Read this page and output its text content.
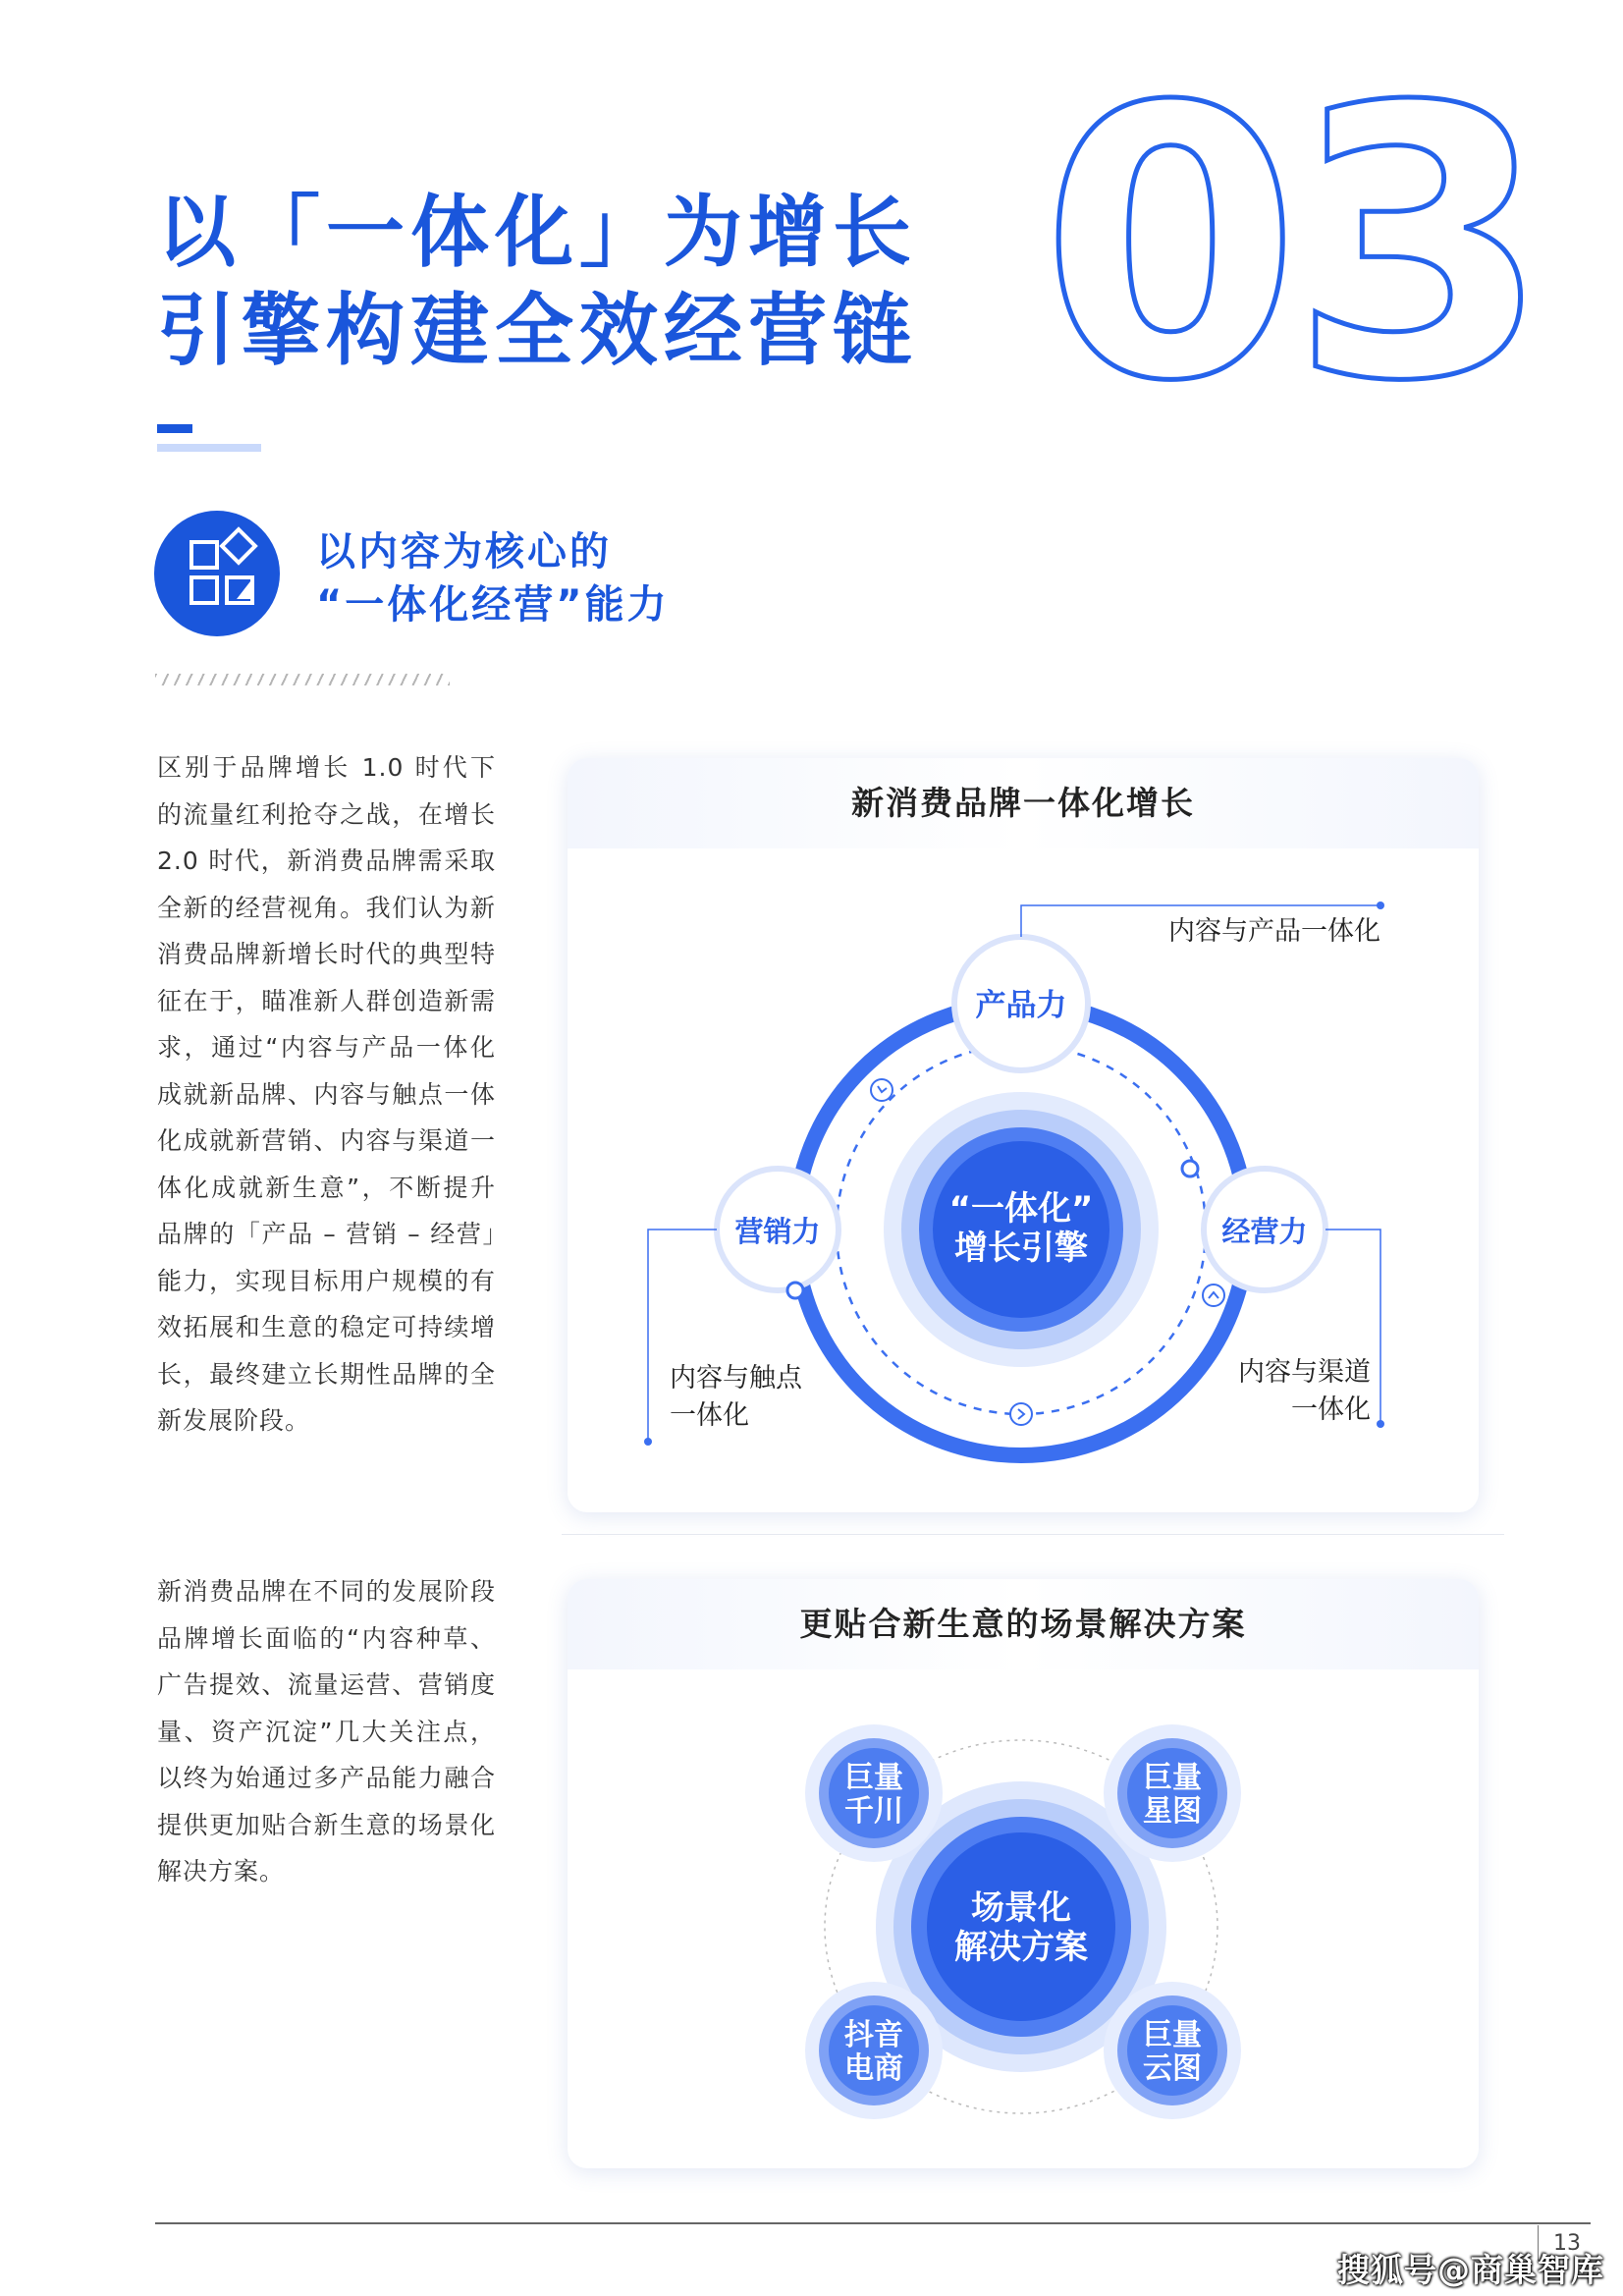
以「一体化」为增长
引擎构建全效经营链 03
以内容为核心的
“一体化经营”能力
区别于品牌增长 1.0 时代下的流量红利抢夺之战，在增长 2.0 时代，新消费品牌需采取全新的经营视角。我们认为新消费品牌新增长时代的典型特征在于，瞄准新人群创造新需求，通过“内容与产品一体化成就新品牌、内容与触点一体化成就新营销、内容与渠道一体化成就新生意”，不断提升品牌的「产品 – 营销 – 经营」能力，实现目标用户规模的有效拓展和生意的稳定可持续增长，最终建立长期性品牌的全新发展阶段。
新消费品牌在不同的发展阶段品牌增长面临的“内容种草、广告提效、流量运营、营销度量、资产沉淀”几大关注点，以终为始通过多产品能力融合提供更加贴合新生意的场景化解决方案。
新消费品牌一体化增长
“一体化”
增长引擎
产品力
营销力	经营力
内容与产品一体化
内容与触点
一体化
内容与渠道
一体化
更贴合新生意的场景解决方案
场景化
解决方案
巨量
千川
巨量
星图
抖音
电商
巨量
云图
13
搜狐号@商巢智库
